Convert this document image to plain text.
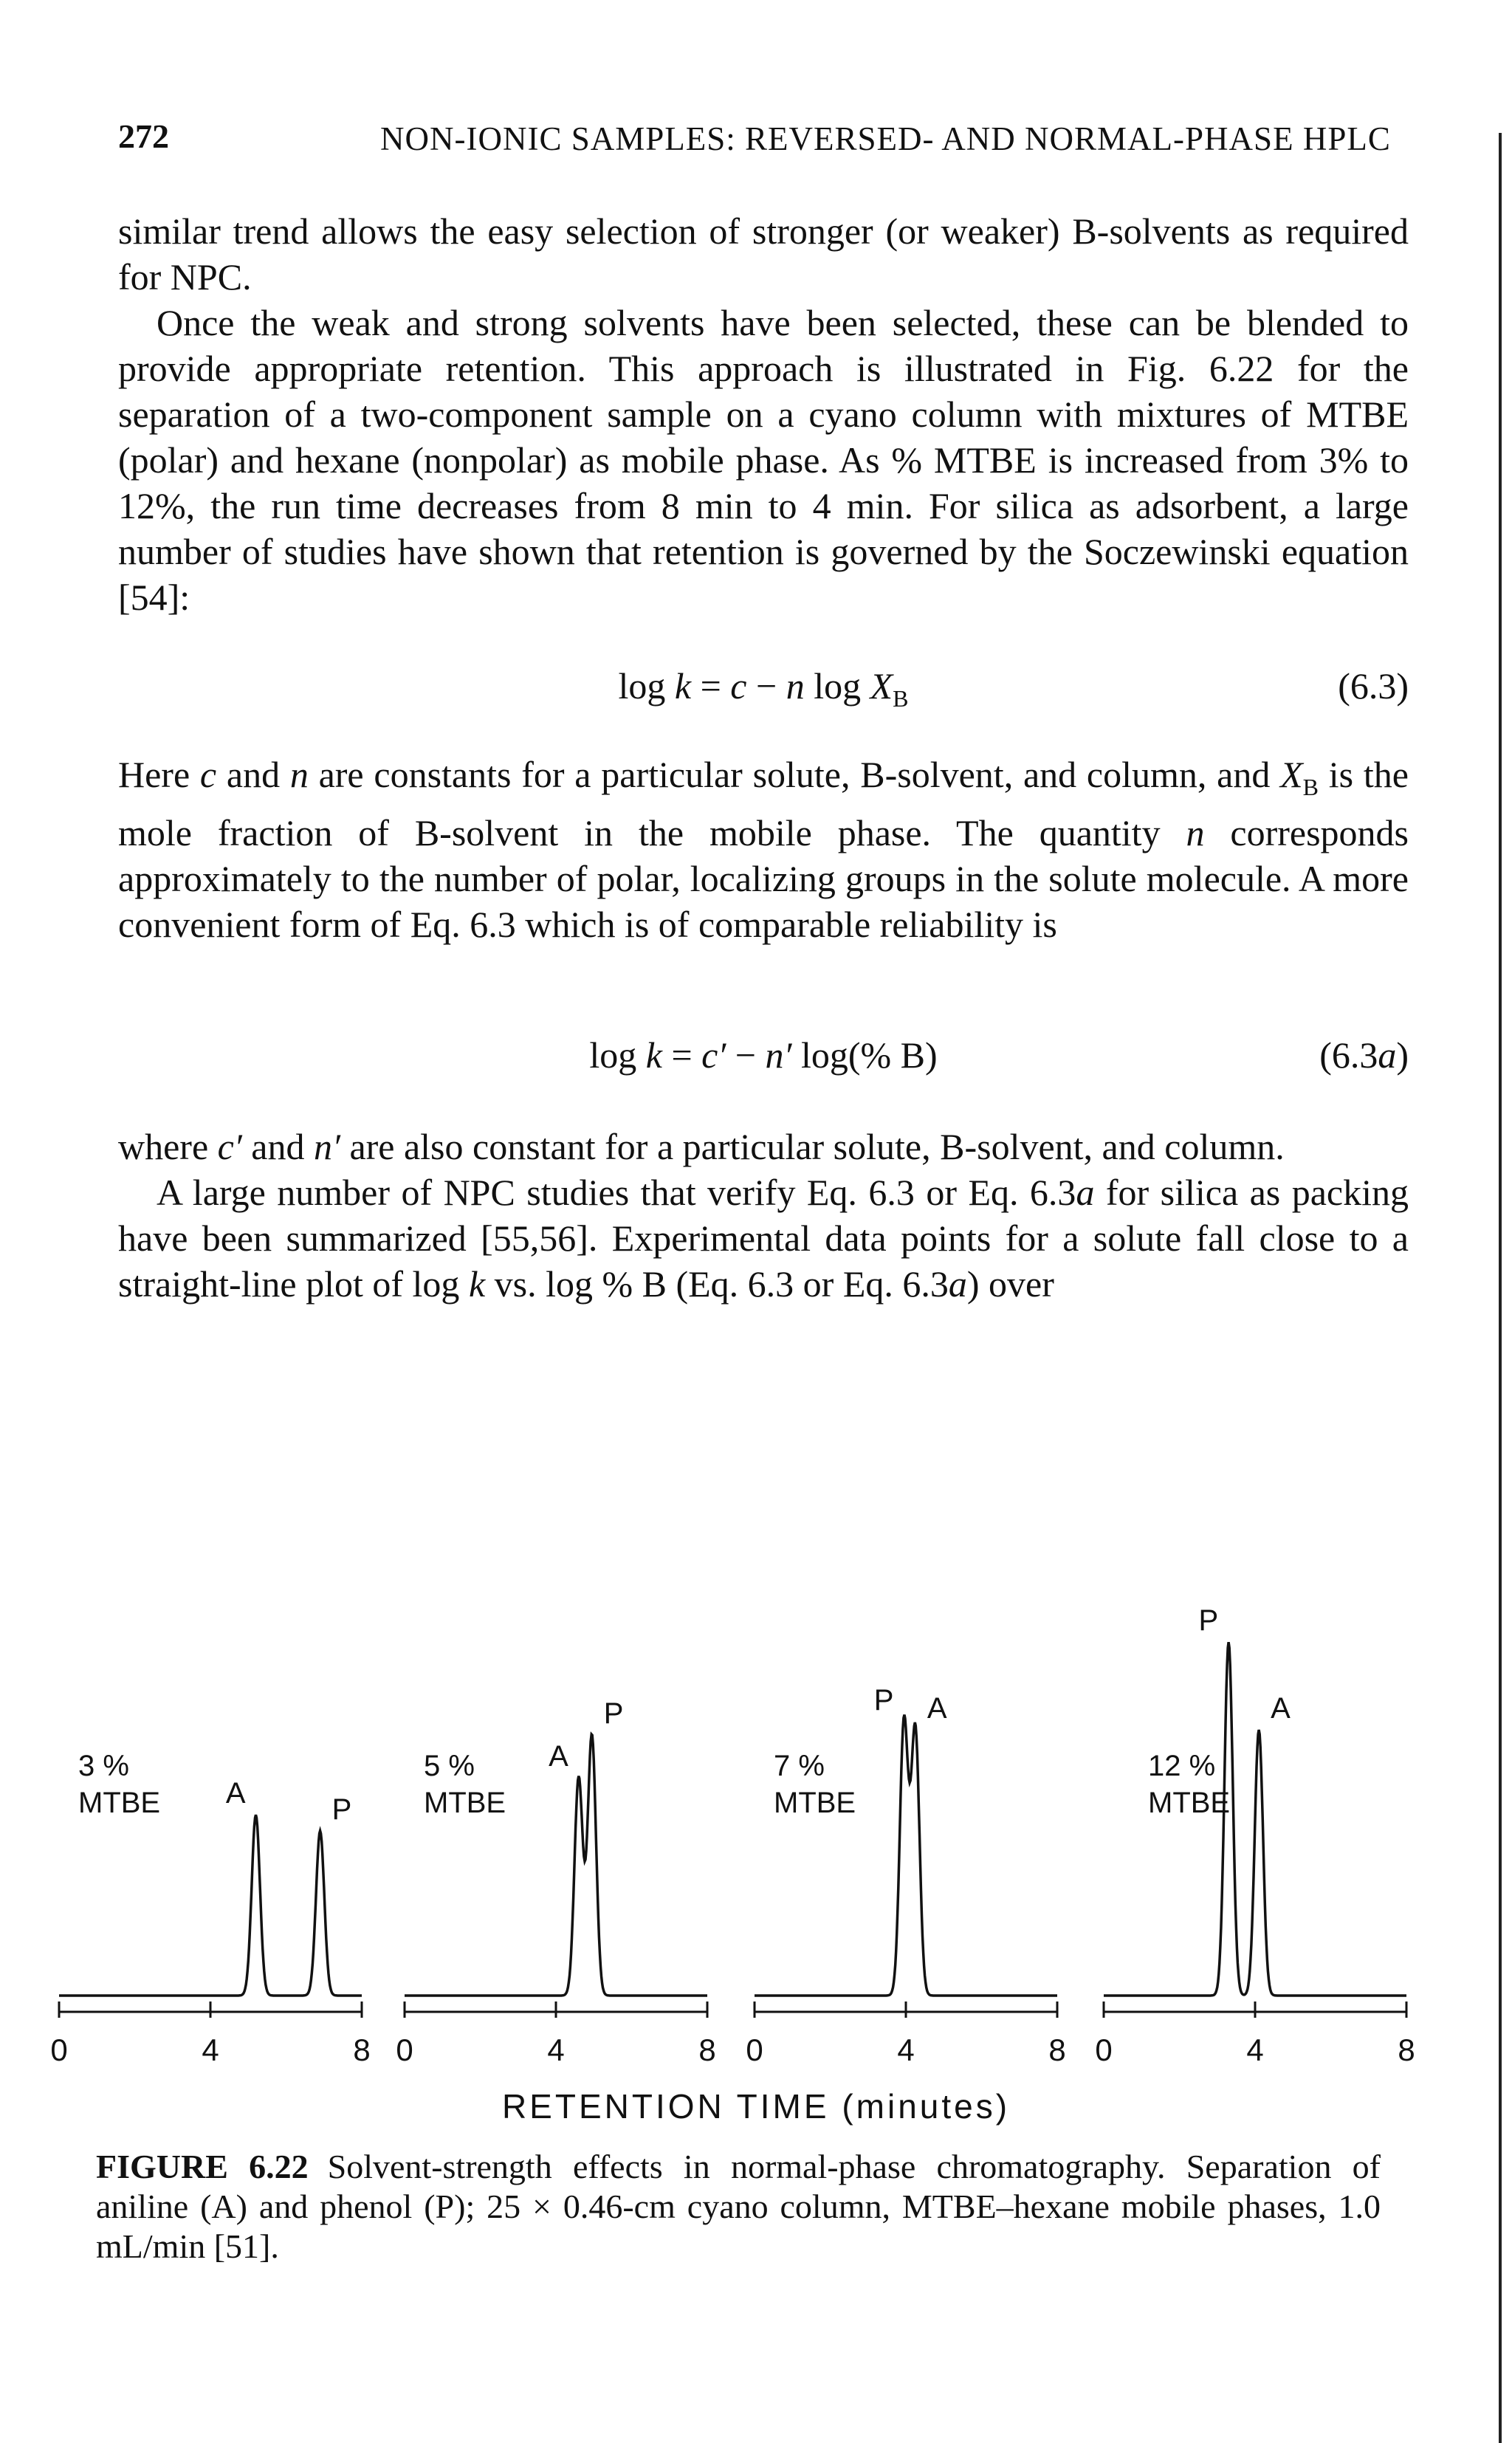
272	NON-IONIC SAMPLES: REVERSED- AND NORMAL-PHASE HPLC

similar trend allows the easy selection of stronger (or weaker) B-solvents as required for NPC.

Once the weak and strong solvents have been selected, these can be blended to provide appropriate retention. This approach is illustrated in Fig. 6.22 for the separation of a two-component sample on a cyano column with mixtures of MTBE (polar) and hexane (nonpolar) as mobile phase. As % MTBE is increased from 3% to 12%, the run time decreases from 8 min to 4 min. For silica as adsorbent, a large number of studies have shown that retention is governed by the Soczewinski equation [54]:

log k = c − n $\log X_B$	(6.3)

Here c and n are constants for a particular solute, B-solvent, and column, and $X_B$ is the mole fraction of B-solvent in the mobile phase. The quantity n corresponds approximately to the number of polar, localizing groups in the solute molecule. A more convenient form of Eq. 6.3 which is of comparable reliability is

log k = c′ − n′ log(% B)	(6.3a)

where c′ and n′ are also constant for a particular solute, B-solvent, and column.

A large number of NPC studies that verify Eq. 6.3 or Eq. 6.3a for silica as packing have been summarized [55,56]. Experimental data points for a solute fall close to a straight-line plot of log k vs. log % B (Eq. 6.3 or Eq. 6.3a) over

0	4	8
A	P
3 %
MTBE
0	4	8
A
P
5 %
MTBE
0	4	8
P A
7 %
MTBE
0	4	8
P
A
12 %
MTBE
RETENTION TIME (minutes)
FIGURE 6.22 Solvent-strength effects in normal-phase chromatography. Separation of aniline (A) and phenol (P); 25 × 0.46-cm cyano column, MTBE–hexane mobile phases, 1.0 mL/min [51].
